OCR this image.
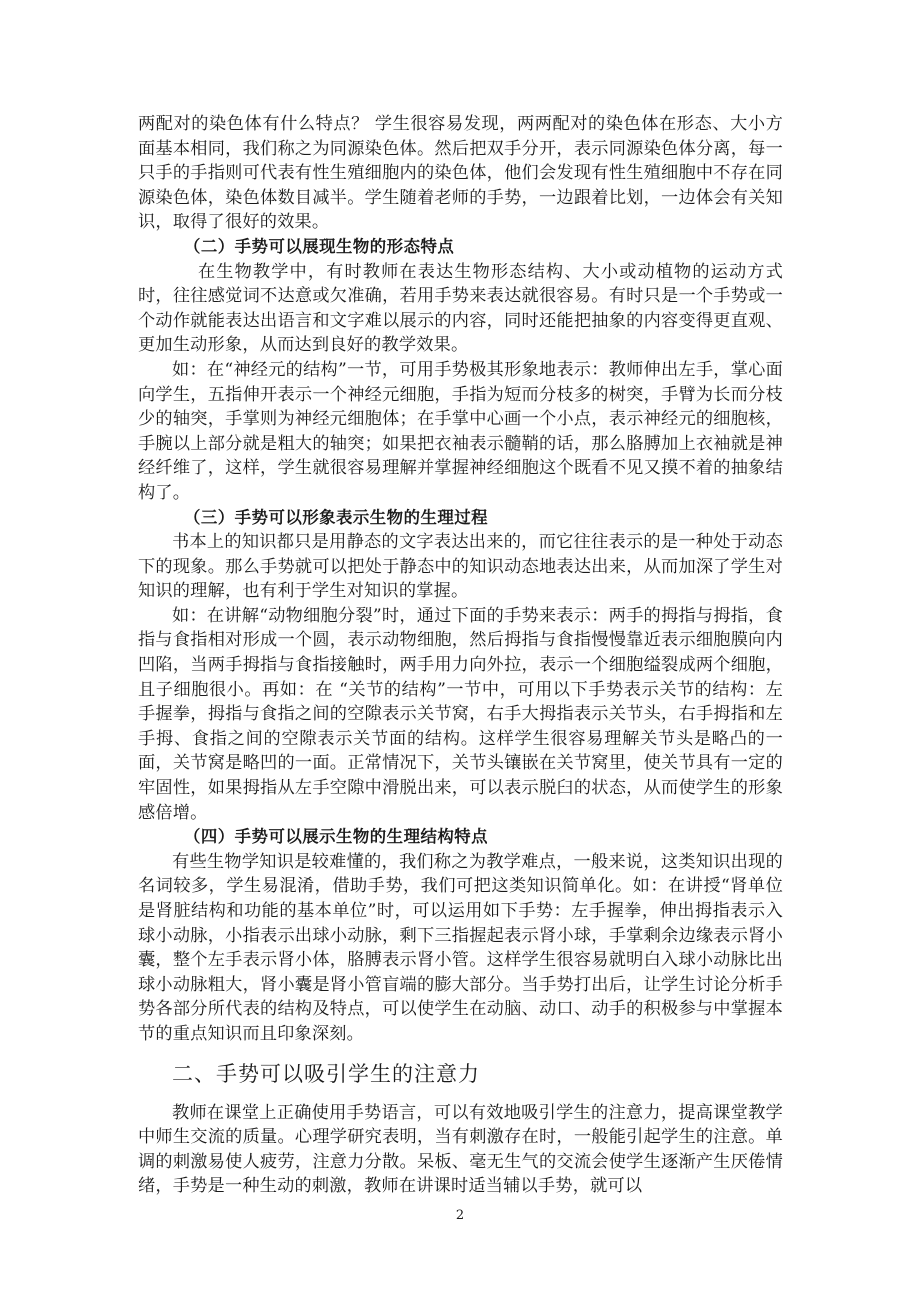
两配对的染色体有什么特点？ 学生很容易发现，两两配对的染色体在形态、大小方面基本相同，我们称之为同源染色体。然后把双手分开，表示同源染色体分离，每一只手的手指则可代表有性生殖细胞内的染色体，他们会发现有性生殖细胞中不存在同源染色体，染色体数目减半。学生随着老师的手势，一边跟着比划，一边体会有关知识，取得了很好的效果。

（二）手势可以展现生物的形态特点

在生物教学中，有时教师在表达生物形态结构、大小或动植物的运动方式时，往往感觉词不达意或欠准确，若用手势来表达就很容易。有时只是一个手势或一个动作就能表达出语言和文字难以展示的内容，同时还能把抽象的内容变得更直观、更加生动形象，从而达到良好的教学效果。

如：在“神经元的结构”一节，可用手势极其形象地表示：教师伸出左手，掌心面向学生，五指伸开表示一个神经元细胞，手指为短而分枝多的树突，手臂为长而分枝少的轴突，手掌则为神经元细胞体；在手掌中心画一个小点，表示神经元的细胞核，手腕以上部分就是粗大的轴突；如果把衣袖表示髓鞘的话，那么胳膊加上衣袖就是神经纤维了，这样，学生就很容易理解并掌握神经细胞这个既看不见又摸不着的抽象结构了。

（三）手势可以形象表示生物的生理过程

书本上的知识都只是用静态的文字表达出来的，而它往往表示的是一种处于动态下的现象。那么手势就可以把处于静态中的知识动态地表达出来，从而加深了学生对知识的理解，也有利于学生对知识的掌握。

如：在讲解“动物细胞分裂”时，通过下面的手势来表示：两手的拇指与拇指，食指与食指相对形成一个圆，表示动物细胞，然后拇指与食指慢慢靠近表示细胞膜向内凹陷，当两手拇指与食指接触时，两手用力向外拉，表示一个细胞缢裂成两个细胞，且子细胞很小。再如：在 “关节的结构”一节中，可用以下手势表示关节的结构：左手握拳，拇指与食指之间的空隙表示关节窝，右手大拇指表示关节头，右手拇指和左手拇、食指之间的空隙表示关节面的结构。这样学生很容易理解关节头是略凸的一面，关节窝是略凹的一面。正常情况下，关节头镶嵌在关节窝里，使关节具有一定的牢固性，如果拇指从左手空隙中滑脱出来，可以表示脱臼的状态，从而使学生的形象感倍增。

（四）手势可以展示生物的生理结构特点

有些生物学知识是较难懂的，我们称之为教学难点，一般来说，这类知识出现的名词较多，学生易混淆，借助手势，我们可把这类知识简单化。如：在讲授“肾单位是肾脏结构和功能的基本单位”时，可以运用如下手势：左手握拳，伸出拇指表示入球小动脉，小指表示出球小动脉，剩下三指握起表示肾小球，手掌剩余边缘表示肾小囊，整个左手表示肾小体，胳膊表示肾小管。这样学生很容易就明白入球小动脉比出球小动脉粗大，肾小囊是肾小管盲端的膨大部分。当手势打出后，让学生讨论分析手势各部分所代表的结构及特点，可以使学生在动脑、动口、动手的积极参与中掌握本节的重点知识而且印象深刻。

二、手势可以吸引学生的注意力

教师在课堂上正确使用手势语言，可以有效地吸引学生的注意力，提高课堂教学中师生交流的质量。心理学研究表明，当有刺激存在时，一般能引起学生的注意。单调的刺激易使人疲劳，注意力分散。呆板、毫无生气的交流会使学生逐渐产生厌倦情绪，手势是一种生动的刺激，教师在讲课时适当辅以手势，就可以

2
